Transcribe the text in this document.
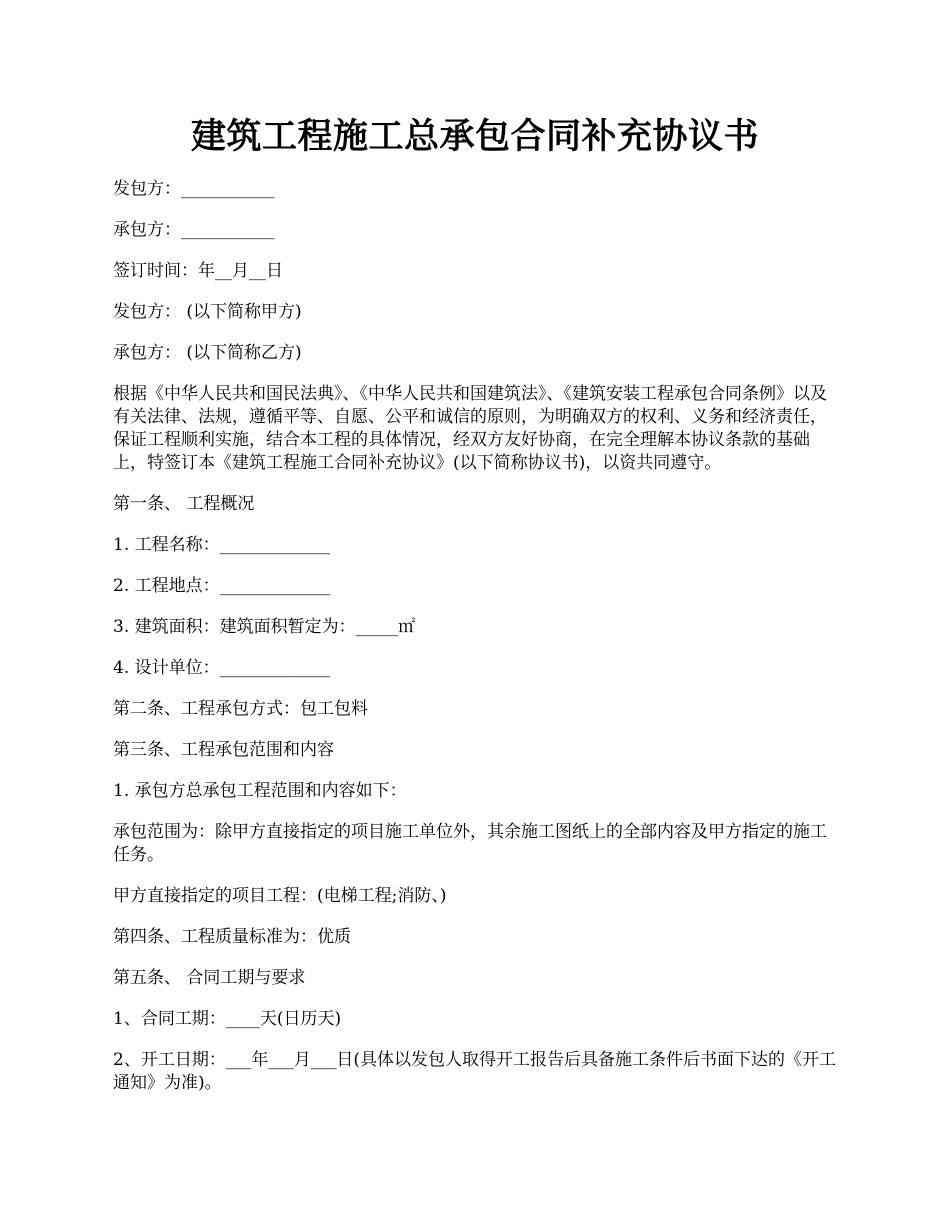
建筑工程施工总承包合同补充协议书

发包方：___________

承包方：___________

签订时间：年__月__日

发包方： (以下简称甲方)

承包方： (以下简称乙方)

根据《中华人民共和国民法典》、《中华人民共和国建筑法》、《建筑安装工程承包合同条例》以及 有关法律、法规，遵循平等、自愿、公平和诚信的原则，为明确双方的权利、义务和经济责任，保证工程顺利实施，结合本工程的具体情况，经双方友好协商，在完全理解本协议条款的基础上，特签订本《建筑工程施工合同补充协议》(以下简称协议书)，以资共同遵守。

第一条、 工程概况

1. 工程名称：_____________

2. 工程地点：_____________

3. 建筑面积：建筑面积暂定为：_____㎡

4. 设计单位：_____________

第二条、工程承包方式：包工包料

第三条、工程承包范围和内容

1. 承包方总承包工程范围和内容如下：

承包范围为：除甲方直接指定的项目施工单位外，其余施工图纸上的全部内容及甲方指定的施工任务。

甲方直接指定的项目工程：(电梯工程;消防、)

第四条、工程质量标准为：优质

第五条、 合同工期与要求

1、合同工期：____天(日历天)

2、开工日期：___年___月___日(具体以发包人取得开工报告后具备施工条件后书面下达的《开工通知》为准)。
